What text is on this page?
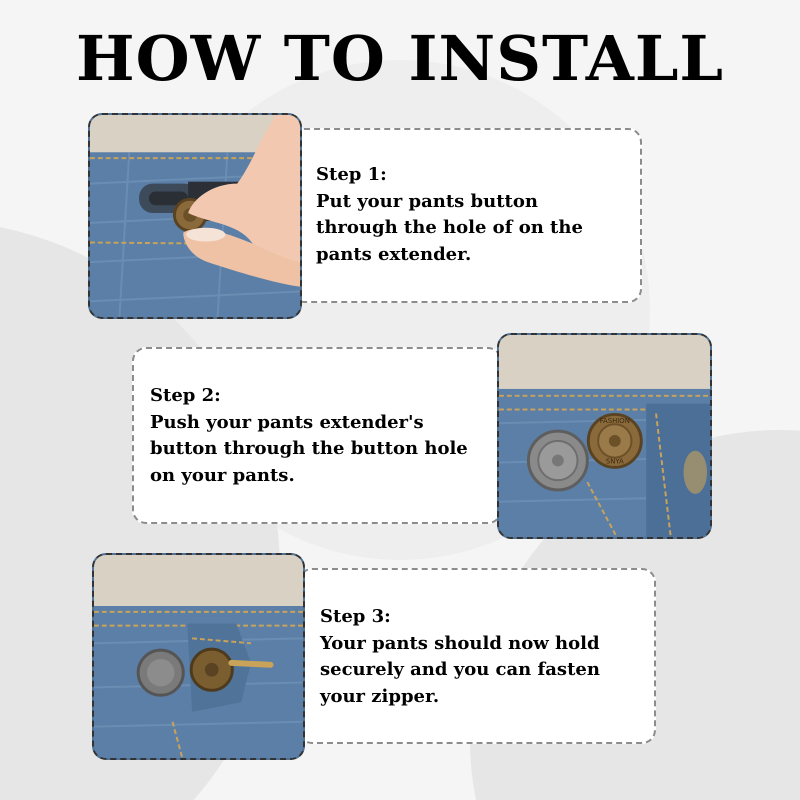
HOW TO INSTALL
Step 1:
Put your pants button
through the hole of on the
pants extender.
Step 2:
Push your pants extender's
button through the button hole
on your pants.
FASHION
SNYA
Step 3:
Your pants should now hold
securely and you can fasten
your zipper.
